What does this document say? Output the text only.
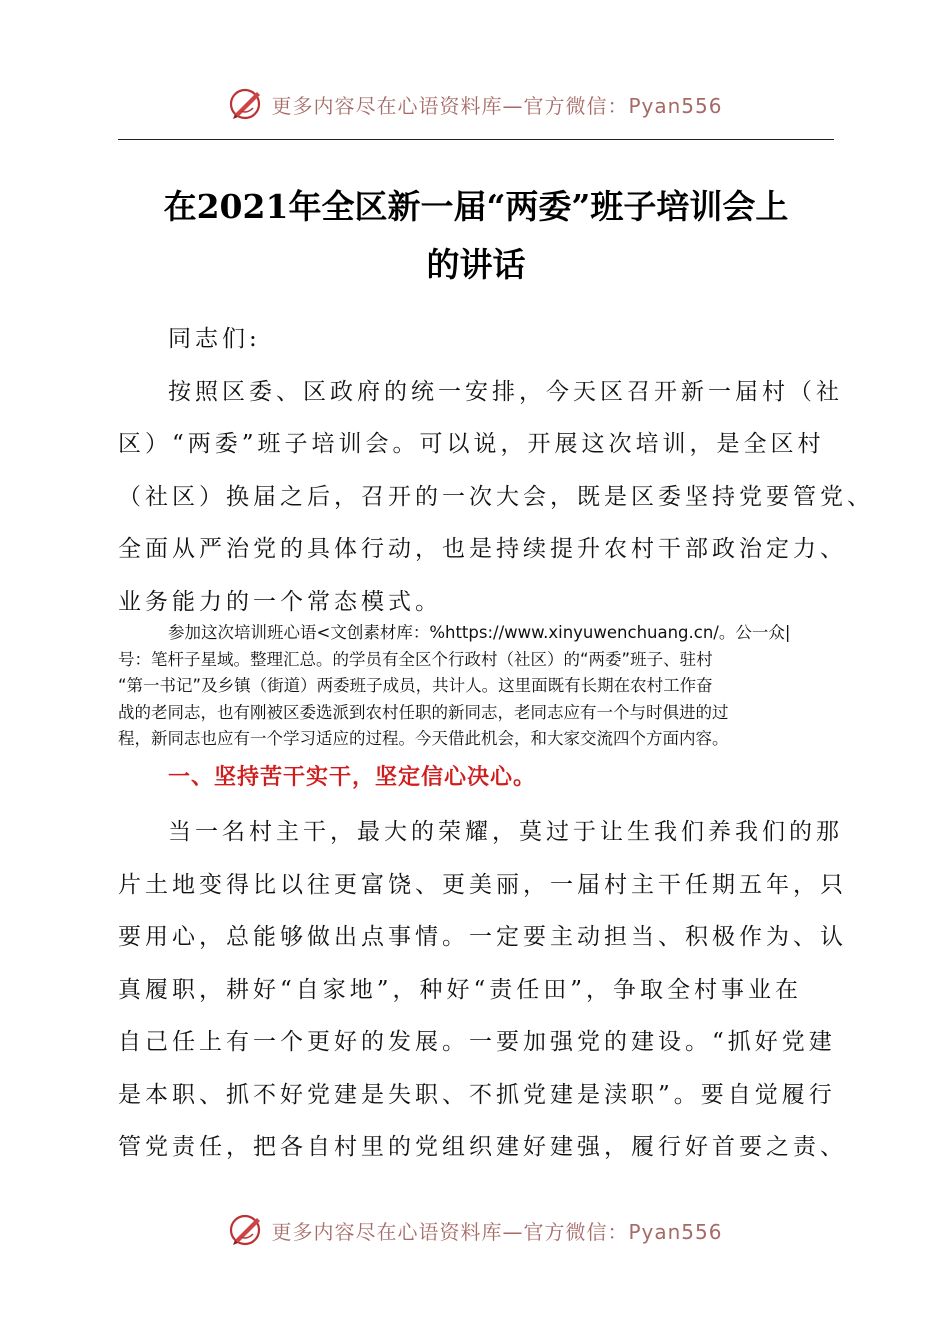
更多内容尽在心语资料库—官方微信：Pyan556
在2021年全区新一届“两委”班子培训会上
的讲话
同志们:
按照区委、区政府的统一安排，今天区召开新一届村（社
区）“两委”班子培训会。可以说，开展这次培训，是全区村
（社区）换届之后，召开的一次大会，既是区委坚持党要管党、
全面从严治党的具体行动，也是持续提升农村干部政治定力、
业务能力的一个常态模式。
参加这次培训班心语<文创素材库：%https://www.xinyuwenchuang.cn/。公一众|
号：笔杆子星域。整理汇总。的学员有全区个行政村（社区）的“两委”班子、驻村
“第一书记”及乡镇（街道）两委班子成员，共计人。这里面既有长期在农村工作奋
战的老同志，也有刚被区委选派到农村任职的新同志，老同志应有一个与时俱进的过
程，新同志也应有一个学习适应的过程。今天借此机会，和大家交流四个方面内容。
一、坚持苦干实干，坚定信心决心。
当一名村主干，最大的荣耀，莫过于让生我们养我们的那
片土地变得比以往更富饶、更美丽，一届村主干任期五年，只
要用心，总能够做出点事情。一定要主动担当、积极作为、认
真履职，耕好“自家地”，种好“责任田”，争取全村事业在
自己任上有一个更好的发展。一要加强党的建设。“抓好党建
是本职、抓不好党建是失职、不抓党建是渎职”。要自觉履行
管党责任，把各自村里的党组织建好建强，履行好首要之责、
更多内容尽在心语资料库—官方微信：Pyan556
